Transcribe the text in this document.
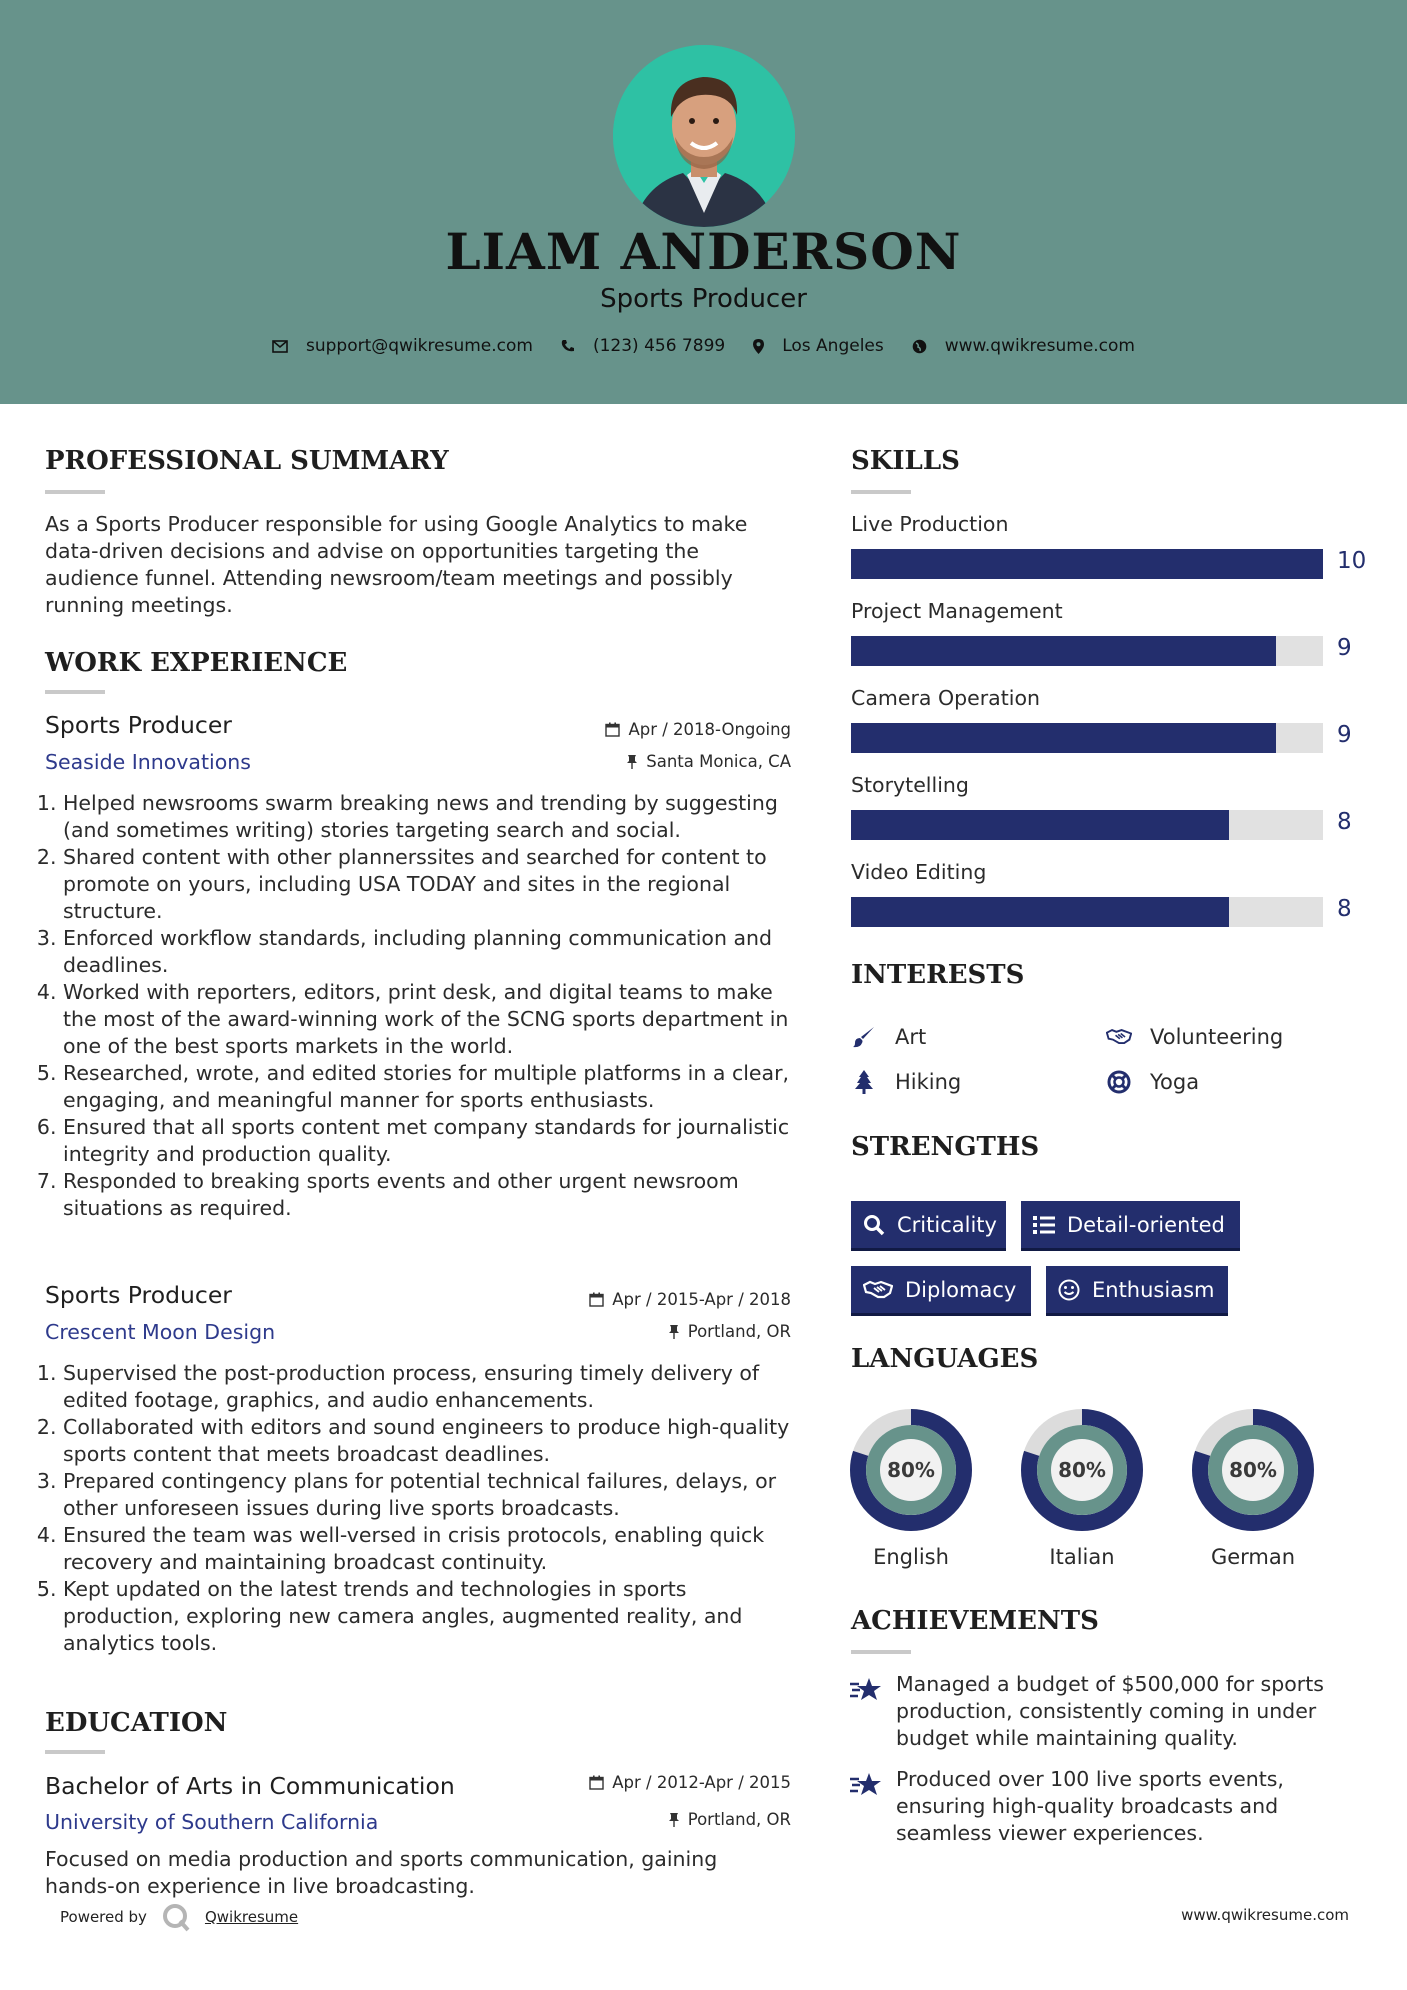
LIAM ANDERSON
Sports Producer
support@qwikresume.com	(123) 456 7899	Los Angeles	www.qwikresume.com
PROFESSIONAL SUMMARY
As a Sports Producer responsible for using Google Analytics to make
data-driven decisions and advise on opportunities targeting the
audience funnel. Attending newsroom/team meetings and possibly
running meetings.
WORK EXPERIENCE
Sports Producer
Seaside Innovations
Apr / 2018-Ongoing
Santa Monica, CA
1. Helped newsrooms swarm breaking news and trending by suggesting (and sometimes writing) stories targeting search and social.
2. Shared content with other plannerssites and searched for content to promote on yours, including USA TODAY and sites in the regional structure.
3. Enforced workflow standards, including planning communication and deadlines.
4. Worked with reporters, editors, print desk, and digital teams to make the most of the award-winning work of the SCNG sports department in one of the best sports markets in the world.
5. Researched, wrote, and edited stories for multiple platforms in a clear, engaging, and meaningful manner for sports enthusiasts.
6. Ensured that all sports content met company standards for journalistic integrity and production quality.
7. Responded to breaking sports events and other urgent newsroom situations as required.
Sports Producer
Crescent Moon Design
Apr / 2015-Apr / 2018
Portland, OR
1. Supervised the post-production process, ensuring timely delivery of edited footage, graphics, and audio enhancements.
2. Collaborated with editors and sound engineers to produce high-quality sports content that meets broadcast deadlines.
3. Prepared contingency plans for potential technical failures, delays, or other unforeseen issues during live sports broadcasts.
4. Ensured the team was well-versed in crisis protocols, enabling quick recovery and maintaining broadcast continuity.
5. Kept updated on the latest trends and technologies in sports production, exploring new camera angles, augmented reality, and analytics tools.
EDUCATION
Bachelor of Arts in Communication
University of Southern California
Apr / 2012-Apr / 2015
Portland, OR
Focused on media production and sports communication, gaining
hands-on experience in live broadcasting.
SKILLS
Live Production
10
Project Management
9
Camera Operation
9
Storytelling
8
Video Editing
8
INTERESTS
Art	Volunteering
Hiking	Yoga
STRENGTHS
Criticality	Detail-oriented
Diplomacy	Enthusiasm
LANGUAGES
80%
English
80%
Italian
80%
German
ACHIEVEMENTS
Managed a budget of $500,000 for sports
production, consistently coming in under
budget while maintaining quality.
Produced over 100 live sports events,
ensuring high-quality broadcasts and
seamless viewer experiences.
Powered by	Qwikresume	www.qwikresume.com
